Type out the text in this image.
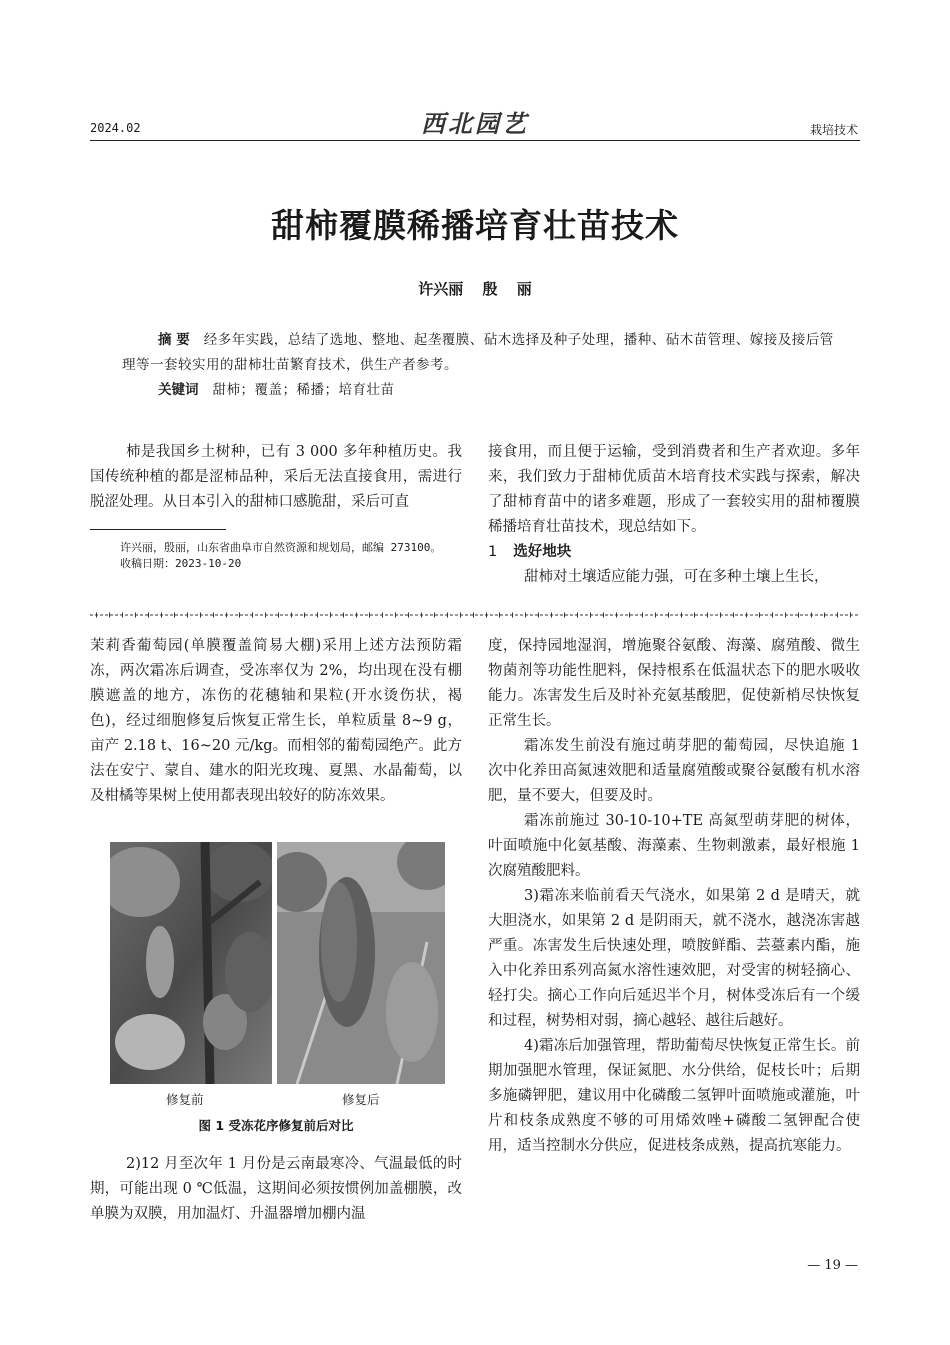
2024.02	西北园艺	栽培技术
甜柿覆膜稀播培育壮苗技术
许兴丽 殷 丽

摘 要 经多年实践，总结了选地、整地、起垄覆膜、砧木选择及种子处理，播种、砧木苗管理、嫁接及接后管理等一套较实用的甜柿壮苗繁育技术，供生产者参考。

关键词 甜柿；覆盖；稀播；培育壮苗

柿是我国乡土树种，已有 3 000 多年种植历史。我国传统种植的都是涩柿品种，采后无法直接食用，需进行脱涩处理。从日本引入的甜柿口感脆甜，采后可直

接食用，而且便于运输，受到消费者和生产者欢迎。多年来，我们致力于甜柿优质苗木培育技术实践与探索，解决了甜柿育苗中的诸多难题，形成了一套较实用的甜柿覆膜稀播培育壮苗技术，现总结如下。

1 选好地块

甜柿对土壤适应能力强，可在多种土壤上生长，

许兴丽，殷丽，山东省曲阜市自然资源和规划局，邮编 273100。

收稿日期：2023-10-20

茉莉香葡萄园(单膜覆盖简易大棚)采用上述方法预防霜冻，两次霜冻后调查，受冻率仅为 2%，均出现在没有棚膜遮盖的地方，冻伤的花穗轴和果粒(开水烫伤状，褐色)，经过细胞修复后恢复正常生长，单粒质量 8~9 g，亩产 2.18 t、16~20 元/kg。而相邻的葡萄园绝产。此方法在安宁、蒙自、建水的阳光玫瑰、夏黑、水晶葡萄，以及柑橘等果树上使用都表现出较好的防冻效果。

修复前	修复后
图 1 受冻花序修复前后对比

2)12 月至次年 1 月份是云南最寒冷、气温最低的时期，可能出现 0 ℃低温，这期间必须按惯例加盖棚膜，改单膜为双膜，用加温灯、升温器增加棚内温

度，保持园地湿润，增施聚谷氨酸、海藻、腐殖酸、微生物菌剂等功能性肥料，保持根系在低温状态下的肥水吸收能力。冻害发生后及时补充氨基酸肥，促使新梢尽快恢复正常生长。

霜冻发生前没有施过萌芽肥的葡萄园，尽快追施 1 次中化养田高氮速效肥和适量腐殖酸或聚谷氨酸有机水溶肥，量不要大，但要及时。

霜冻前施过 30-10-10+TE 高氮型萌芽肥的树体，叶面喷施中化氨基酸、海藻素、生物刺激素，最好根施 1 次腐殖酸肥料。

3)霜冻来临前看天气浇水，如果第 2 d 是晴天，就大胆浇水，如果第 2 d 是阴雨天，就不浇水，越浇冻害越严重。冻害发生后快速处理，喷胺鲜酯、芸薹素内酯，施入中化养田系列高氮水溶性速效肥，对受害的树轻摘心、轻打尖。摘心工作向后延迟半个月，树体受冻后有一个缓和过程，树势相对弱，摘心越轻、越往后越好。

4)霜冻后加强管理，帮助葡萄尽快恢复正常生长。前期加强肥水管理，保证氮肥、水分供给，促枝长叶；后期多施磷钾肥，建议用中化磷酸二氢钾叶面喷施或灌施，叶片和枝条成熟度不够的可用烯效唑+磷酸二氢钾配合使用，适当控制水分供应，促进枝条成熟，提高抗寒能力。

— 19 —
